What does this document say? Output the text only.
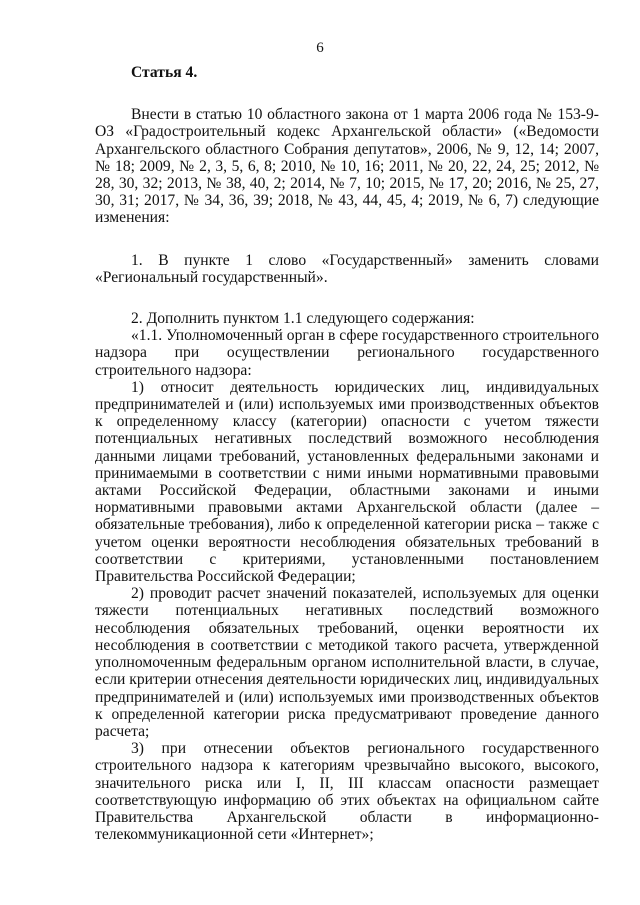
6
Статья 4.

Внести в статью 10 областного закона от 1 марта 2006 года № 153-9-ОЗ «Градостроительный кодекс Архангельской области» («Ведомости Архангельского областного Собрания депутатов», 2006, № 9, 12, 14; 2007, № 18; 2009, № 2, 3, 5, 6, 8; 2010, № 10, 16; 2011, № 20, 22, 24, 25; 2012, № 28, 30, 32; 2013, № 38, 40, 2; 2014, № 7, 10; 2015, № 17, 20; 2016, № 25, 27, 30, 31; 2017, № 34, 36, 39; 2018, № 43, 44, 45, 4; 2019, № 6, 7) следующие изменения:

1. В пункте 1 слово «Государственный» заменить словами «Региональный государственный».

2. Дополнить пунктом 1.1 следующего содержания:

«1.1. Уполномоченный орган в сфере государственного строительного надзора при осуществлении регионального государственного строительного надзора:

1) относит деятельность юридических лиц, индивидуальных предпринимателей и (или) используемых ими производственных объектов к определенному классу (категории) опасности с учетом тяжести потенциальных негативных последствий возможного несоблюдения данными лицами требований, установленных федеральными законами и принимаемыми в соответствии с ними иными нормативными правовыми актами Российской Федерации, областными законами и иными нормативными правовыми актами Архангельской области (далее – обязательные требования), либо к определенной категории риска – также с учетом оценки вероятности несоблюдения обязательных требований в соответствии с критериями, установленными постановлением Правительства Российской Федерации;

2) проводит расчет значений показателей, используемых для оценки тяжести потенциальных негативных последствий возможного несоблюдения обязательных требований, оценки вероятности их несоблюдения в соответствии с методикой такого расчета, утвержденной уполномоченным федеральным органом исполнительной власти, в случае, если критерии отнесения деятельности юридических лиц, индивидуальных предпринимателей и (или) используемых ими производственных объектов к определенной категории риска предусматривают проведение данного расчета;

3) при отнесении объектов регионального государственного строительного надзора к категориям чрезвычайно высокого, высокого, значительного риска или I, II, III классам опасности размещает соответствующую информацию об этих объектах на официальном сайте Правительства Архангельской области в информационно-телекоммуникационной сети «Интернет»;
